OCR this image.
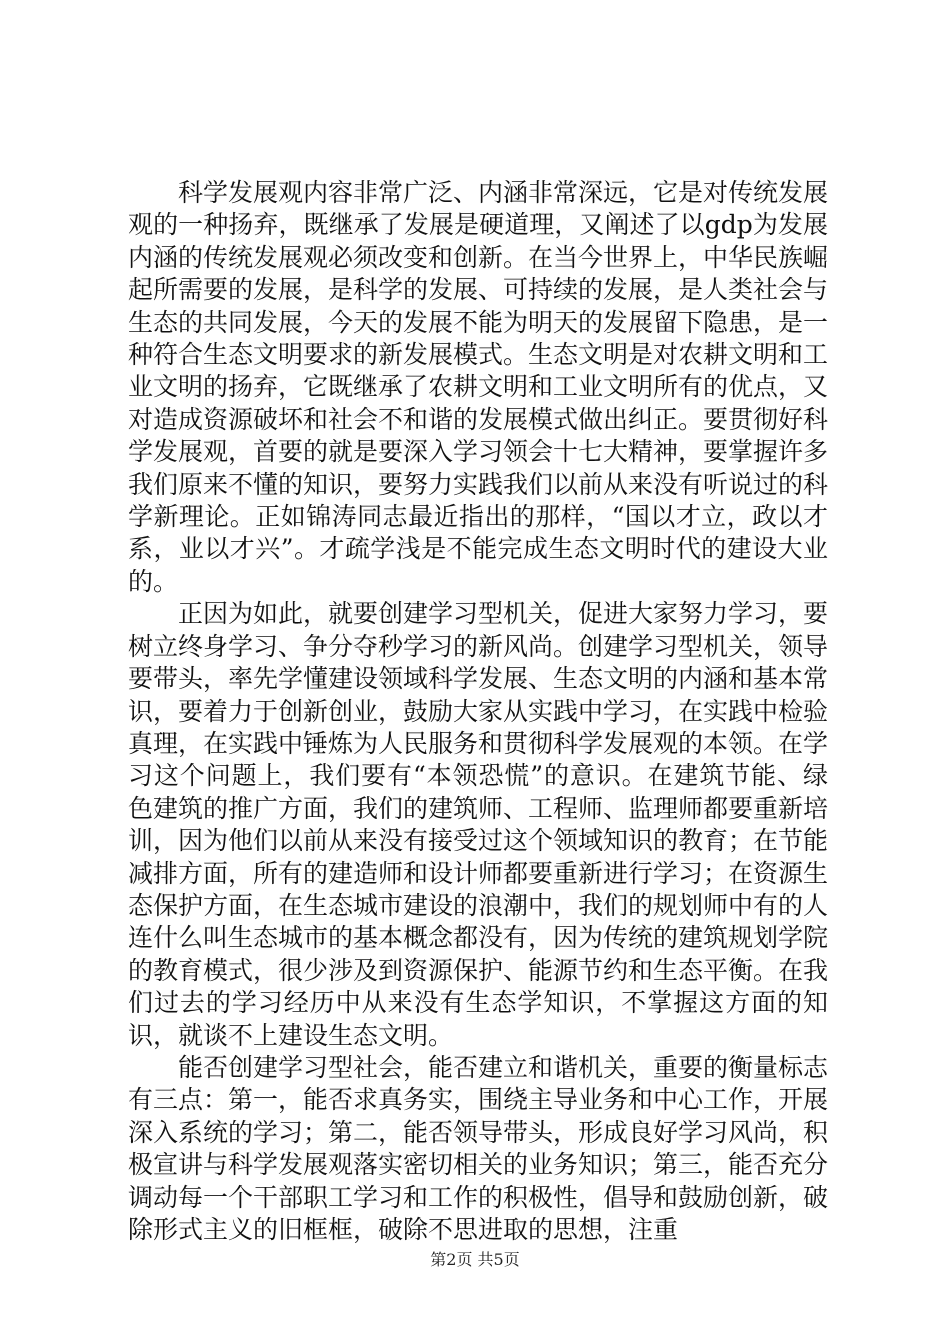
科学发展观内容非常广泛、内涵非常深远，它是对传统发展观的一种扬弃，既继承了发展是硬道理，又阐述了以gdp为发展内涵的传统发展观必须改变和创新。在当今世界上，中华民族崛起所需要的发展，是科学的发展、可持续的发展，是人类社会与生态的共同发展，今天的发展不能为明天的发展留下隐患，是一种符合生态文明要求的新发展模式。生态文明是对农耕文明和工业文明的扬弃，它既继承了农耕文明和工业文明所有的优点，又对造成资源破坏和社会不和谐的发展模式做出纠正。要贯彻好科学发展观，首要的就是要深入学习领会十七大精神，要掌握许多我们原来不懂的知识，要努力实践我们以前从来没有听说过的科学新理论。正如锦涛同志最近指出的那样，“国以才立，政以才系，业以才兴”。才疏学浅是不能完成生态文明时代的建设大业的。

正因为如此，就要创建学习型机关，促进大家努力学习，要树立终身学习、争分夺秒学习的新风尚。创建学习型机关，领导要带头，率先学懂建设领域科学发展、生态文明的内涵和基本常识，要着力于创新创业，鼓励大家从实践中学习，在实践中检验真理，在实践中锤炼为人民服务和贯彻科学发展观的本领。在学习这个问题上，我们要有“本领恐慌”的意识。在建筑节能、绿色建筑的推广方面，我们的建筑师、工程师、监理师都要重新培训，因为他们以前从来没有接受过这个领域知识的教育；在节能减排方面，所有的建造师和设计师都要重新进行学习；在资源生态保护方面，在生态城市建设的浪潮中，我们的规划师中有的人连什么叫生态城市的基本概念都没有，因为传统的建筑规划学院的教育模式，很少涉及到资源保护、能源节约和生态平衡。在我们过去的学习经历中从来没有生态学知识，不掌握这方面的知识，就谈不上建设生态文明。

能否创建学习型社会，能否建立和谐机关，重要的衡量标志有三点：第一，能否求真务实，围绕主导业务和中心工作，开展深入系统的学习；第二，能否领导带头，形成良好学习风尚，积极宣讲与科学发展观落实密切相关的业务知识；第三，能否充分调动每一个干部职工学习和工作的积极性，倡导和鼓励创新，破除形式主义的旧框框，破除不思进取的思想，注重

第2页 共5页
